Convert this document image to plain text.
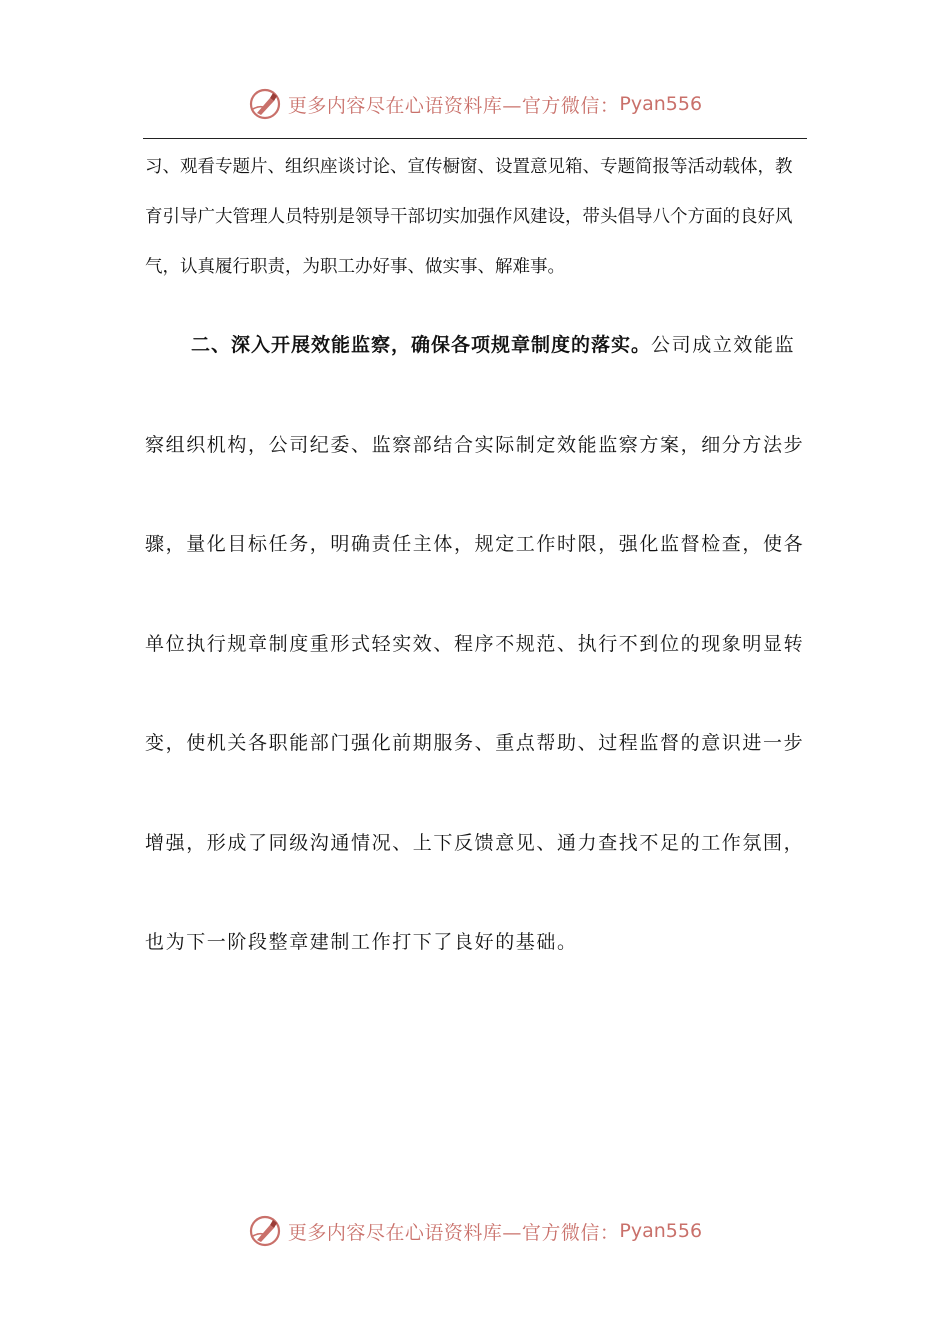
更多内容尽在心语资料库—官方微信： Pyan556

习、观看专题片、组织座谈讨论、宣传橱窗、设置意见箱、专题简报等活动载体，教育引导广大管理人员特别是领导干部切实加强作风建设，带头倡导八个方面的良好风气，认真履行职责，为职工办好事、做实事、解难事。

二、深入开展效能监察，确保各项规章制度的落实。公司成立效能监察组织机构，公司纪委、监察部结合实际制定效能监察方案，细分方法步骤，量化目标任务，明确责任主体，规定工作时限，强化监督检查，使各单位执行规章制度重形式轻实效、程序不规范、执行不到位的现象明显转变，使机关各职能部门强化前期服务、重点帮助、过程监督的意识进一步增强，形成了同级沟通情况、上下反馈意见、通力查找不足的工作氛围，也为下一阶段整章建制工作打下了良好的基础。

更多内容尽在心语资料库—官方微信： Pyan556
